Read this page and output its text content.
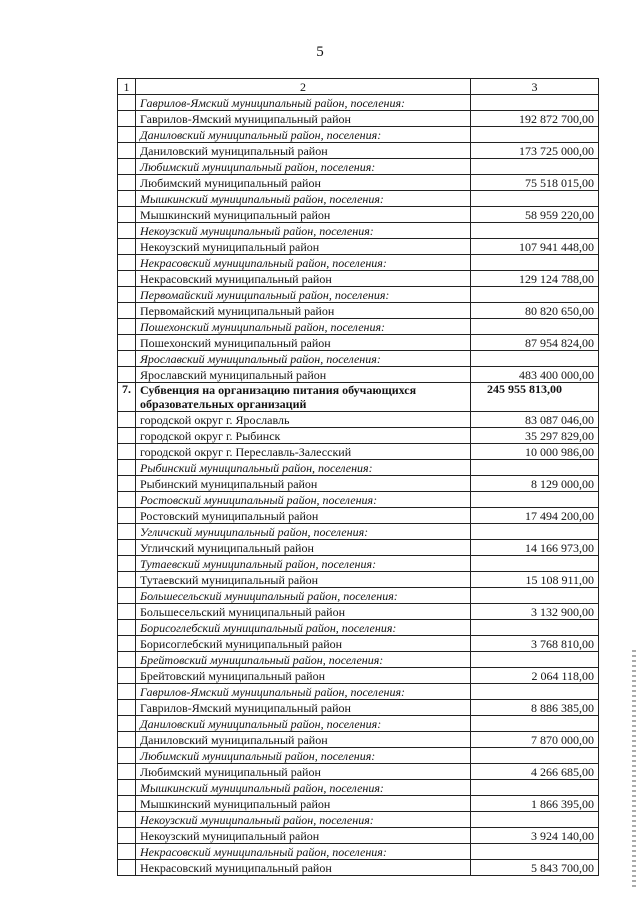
5
1	2	3
	Гаврилов-Ямский муниципальный район, поселения:	
	Гаврилов-Ямский муниципальный район	192 872 700,00
	Даниловский муниципальный район, поселения:	
	Даниловский муниципальный район	173 725 000,00
	Любимский муниципальный район, поселения:	
	Любимский муниципальный район	75 518 015,00
	Мышкинский муниципальный район, поселения:	
	Мышкинский муниципальный район	58 959 220,00
	Некоузский муниципальный район, поселения:	
	Некоузский муниципальный район	107 941 448,00
	Некрасовский муниципальный район, поселения:	
	Некрасовский муниципальный район	129 124 788,00
	Первомайский муниципальный район, поселения:	
	Первомайский муниципальный район	80 820 650,00
	Пошехонский муниципальный район, поселения:	
	Пошехонский муниципальный район	87 954 824,00
	Ярославский муниципальный район, поселения:	
	Ярославский муниципальный район	483 400 000,00
7.	Субвенция на организацию питания обучающихся образовательных организаций	245 955 813,00
	городской округ г. Ярославль	83 087 046,00
	городской округ г. Рыбинск	35 297 829,00
	городской округ г. Переславль-Залесский	10 000 986,00
	Рыбинский муниципальный район, поселения:	
	Рыбинский муниципальный район	8 129 000,00
	Ростовский муниципальный район, поселения:	
	Ростовский муниципальный район	17 494 200,00
	Угличский муниципальный район, поселения:	
	Угличский муниципальный район	14 166 973,00
	Тутаевский муниципальный район, поселения:	
	Тутаевский муниципальный район	15 108 911,00
	Большесельский муниципальный район, поселения:	
	Большесельский муниципальный район	3 132 900,00
	Борисоглебский муниципальный район, поселения:	
	Борисоглебский муниципальный район	3 768 810,00
	Брейтовский муниципальный район, поселения:	
	Брейтовский муниципальный район	2 064 118,00
	Гаврилов-Ямский муниципальный район, поселения:	
	Гаврилов-Ямский муниципальный район	8 886 385,00
	Даниловский муниципальный район, поселения:	
	Даниловский муниципальный район	7 870 000,00
	Любимский муниципальный район, поселения:	
	Любимский муниципальный район	4 266 685,00
	Мышкинский муниципальный район, поселения:	
	Мышкинский муниципальный район	1 866 395,00
	Некоузский муниципальный район, поселения:	
	Некоузский муниципальный район	3 924 140,00
	Некрасовский муниципальный район, поселения:	
	Некрасовский муниципальный район	5 843 700,00
